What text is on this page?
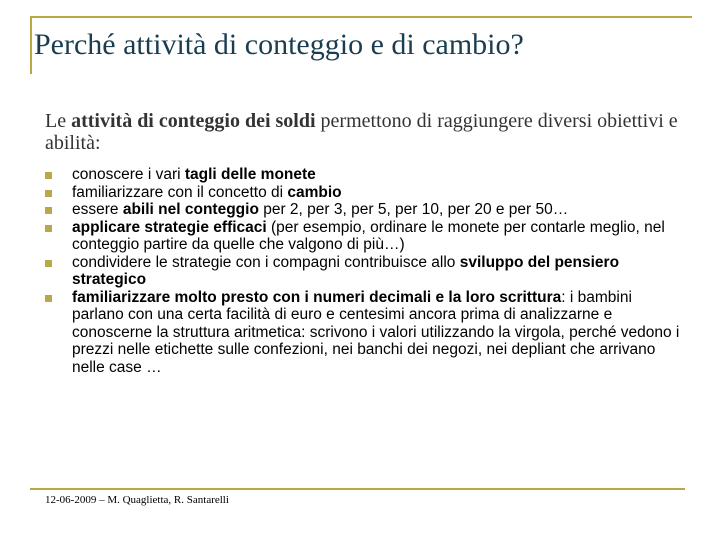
Perché attività di conteggio e di cambio?

Le attività di conteggio dei soldi permettono di raggiungere diversi obiettivi e abilità:

conoscere i vari tagli delle monete
familiarizzare con il concetto di cambio
essere abili nel conteggio per 2, per 3, per 5, per 10, per 20 e per 50…
applicare strategie efficaci (per esempio, ordinare le monete per contarle meglio, nel conteggio partire da quelle che valgono di più…)
condividere le strategie con i compagni contribuisce allo sviluppo del pensiero strategico
familiarizzare molto presto con i numeri decimali e la loro scrittura: i bambini parlano con una certa facilità di euro e centesimi ancora prima di analizzarne e conoscerne la struttura aritmetica: scrivono i valori utilizzando la virgola, perché vedono i prezzi nelle etichette sulle confezioni, nei banchi dei negozi, nei depliant che arrivano nelle case …

12-06-2009 – M. Quaglietta, R. Santarelli
